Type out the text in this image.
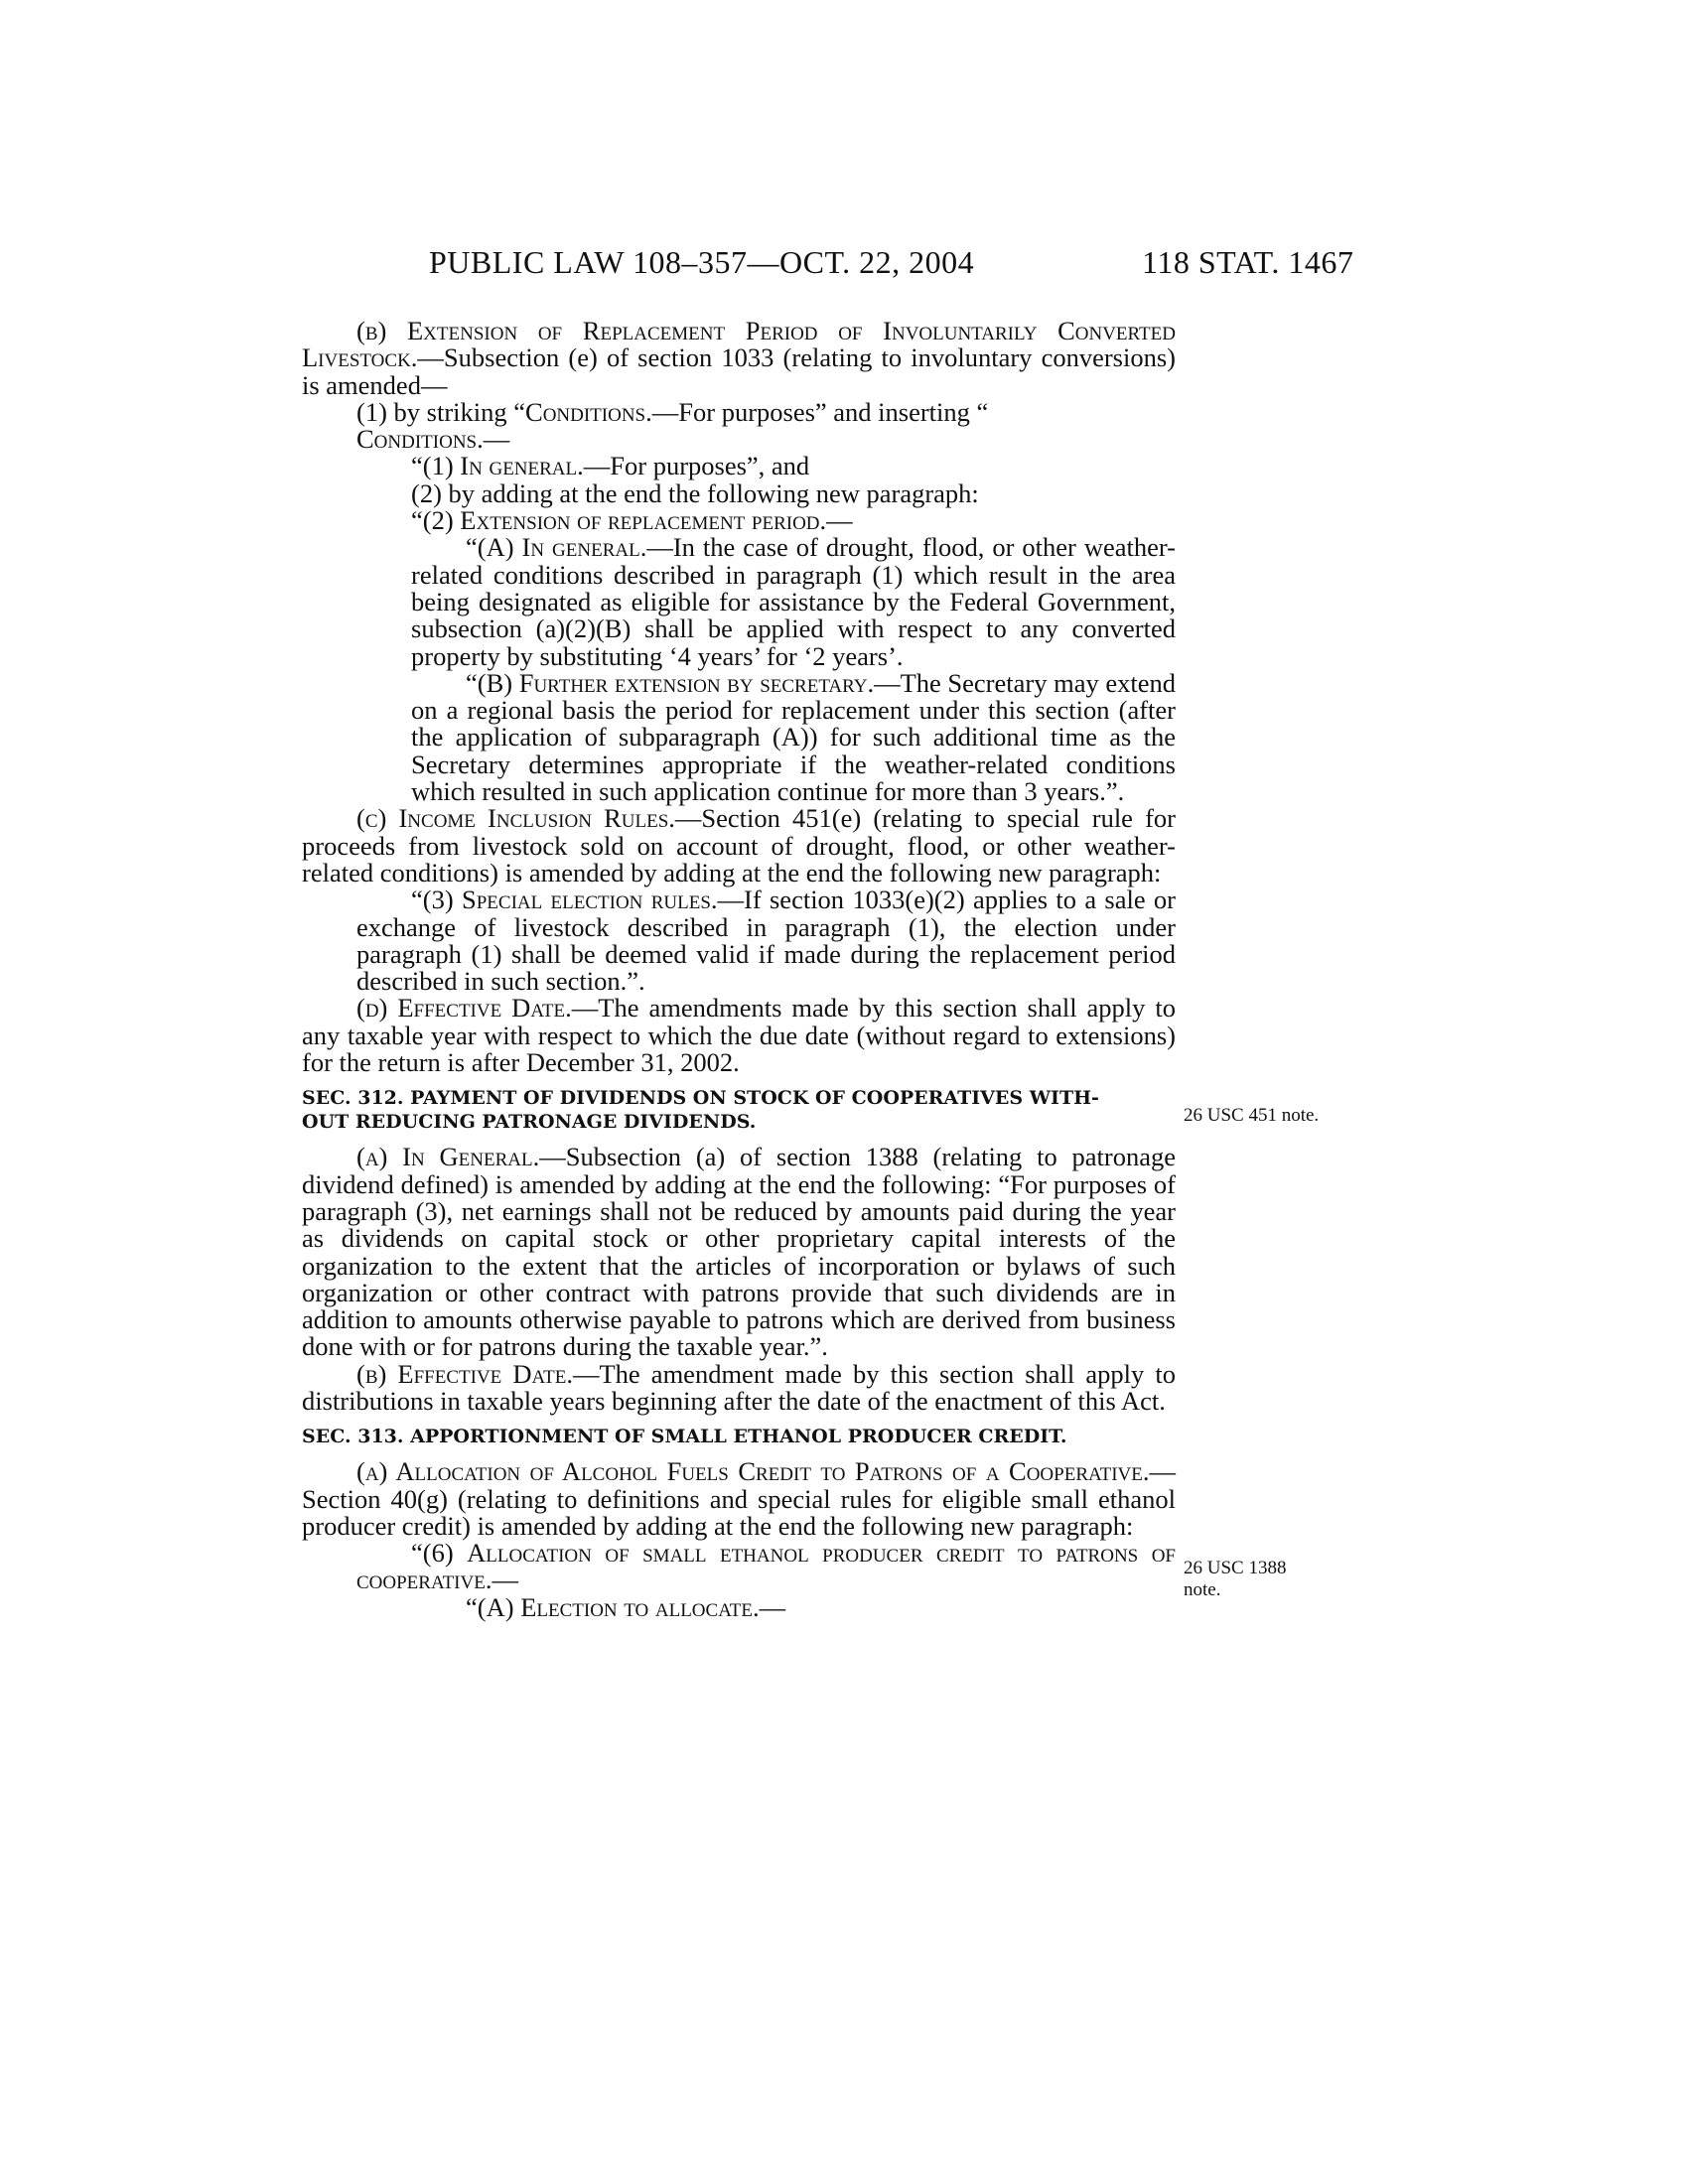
PUBLIC LAW 108–357—OCT. 22, 2004	118 STAT. 1467

(b) Extension of Replacement Period of Involuntarily Converted Livestock.—Subsection (e) of section 1033 (relating to involuntary conversions) is amended—

(1) by striking “Conditions.—For purposes” and inserting “
Conditions.—

“(1) In general.—For purposes”, and

(2) by adding at the end the following new paragraph:

“(2) Extension of replacement period.—

“(A) In general.—In the case of drought, flood, or other weather-related conditions described in paragraph (1) which result in the area being designated as eligible for assistance by the Federal Government, subsection (a)(2)(B) shall be applied with respect to any converted property by substituting ‘4 years’ for ‘2 years’.

“(B) Further extension by secretary.—The Secretary may extend on a regional basis the period for replacement under this section (after the application of subparagraph (A)) for such additional time as the Secretary determines appropriate if the weather-related conditions which resulted in such application continue for more than 3 years.”.

(c) Income Inclusion Rules.—Section 451(e) (relating to special rule for proceeds from livestock sold on account of drought, flood, or other weather-related conditions) is amended by adding at the end the following new paragraph:

“(3) Special election rules.—If section 1033(e)(2) applies to a sale or exchange of livestock described in paragraph (1), the election under paragraph (1) shall be deemed valid if made during the replacement period described in such section.”.

(d) Effective Date.—The amendments made by this section shall apply to any taxable year with respect to which the due date (without regard to extensions) for the return is after December 31, 2002.

SEC. 312. PAYMENT OF DIVIDENDS ON STOCK OF COOPERATIVES WITH-
OUT REDUCING PATRONAGE DIVIDENDS.

(a) In General.—Subsection (a) of section 1388 (relating to patronage dividend defined) is amended by adding at the end the following: “For purposes of paragraph (3), net earnings shall not be reduced by amounts paid during the year as dividends on capital stock or other proprietary capital interests of the organization to the extent that the articles of incorporation or bylaws of such organization or other contract with patrons provide that such dividends are in addition to amounts otherwise payable to patrons which are derived from business done with or for patrons during the taxable year.”.

(b) Effective Date.—The amendment made by this section shall apply to distributions in taxable years beginning after the date of the enactment of this Act.

SEC. 313. APPORTIONMENT OF SMALL ETHANOL PRODUCER CREDIT.

(a) Allocation of Alcohol Fuels Credit to Patrons of a Cooperative.—Section 40(g) (relating to definitions and special rules for eligible small ethanol producer credit) is amended by adding at the end the following new paragraph:

“(6) Allocation of small ethanol producer credit to patrons of cooperative.—

“(A) Election to allocate.—

26 USC 451 note.
26 USC 1388 note.
